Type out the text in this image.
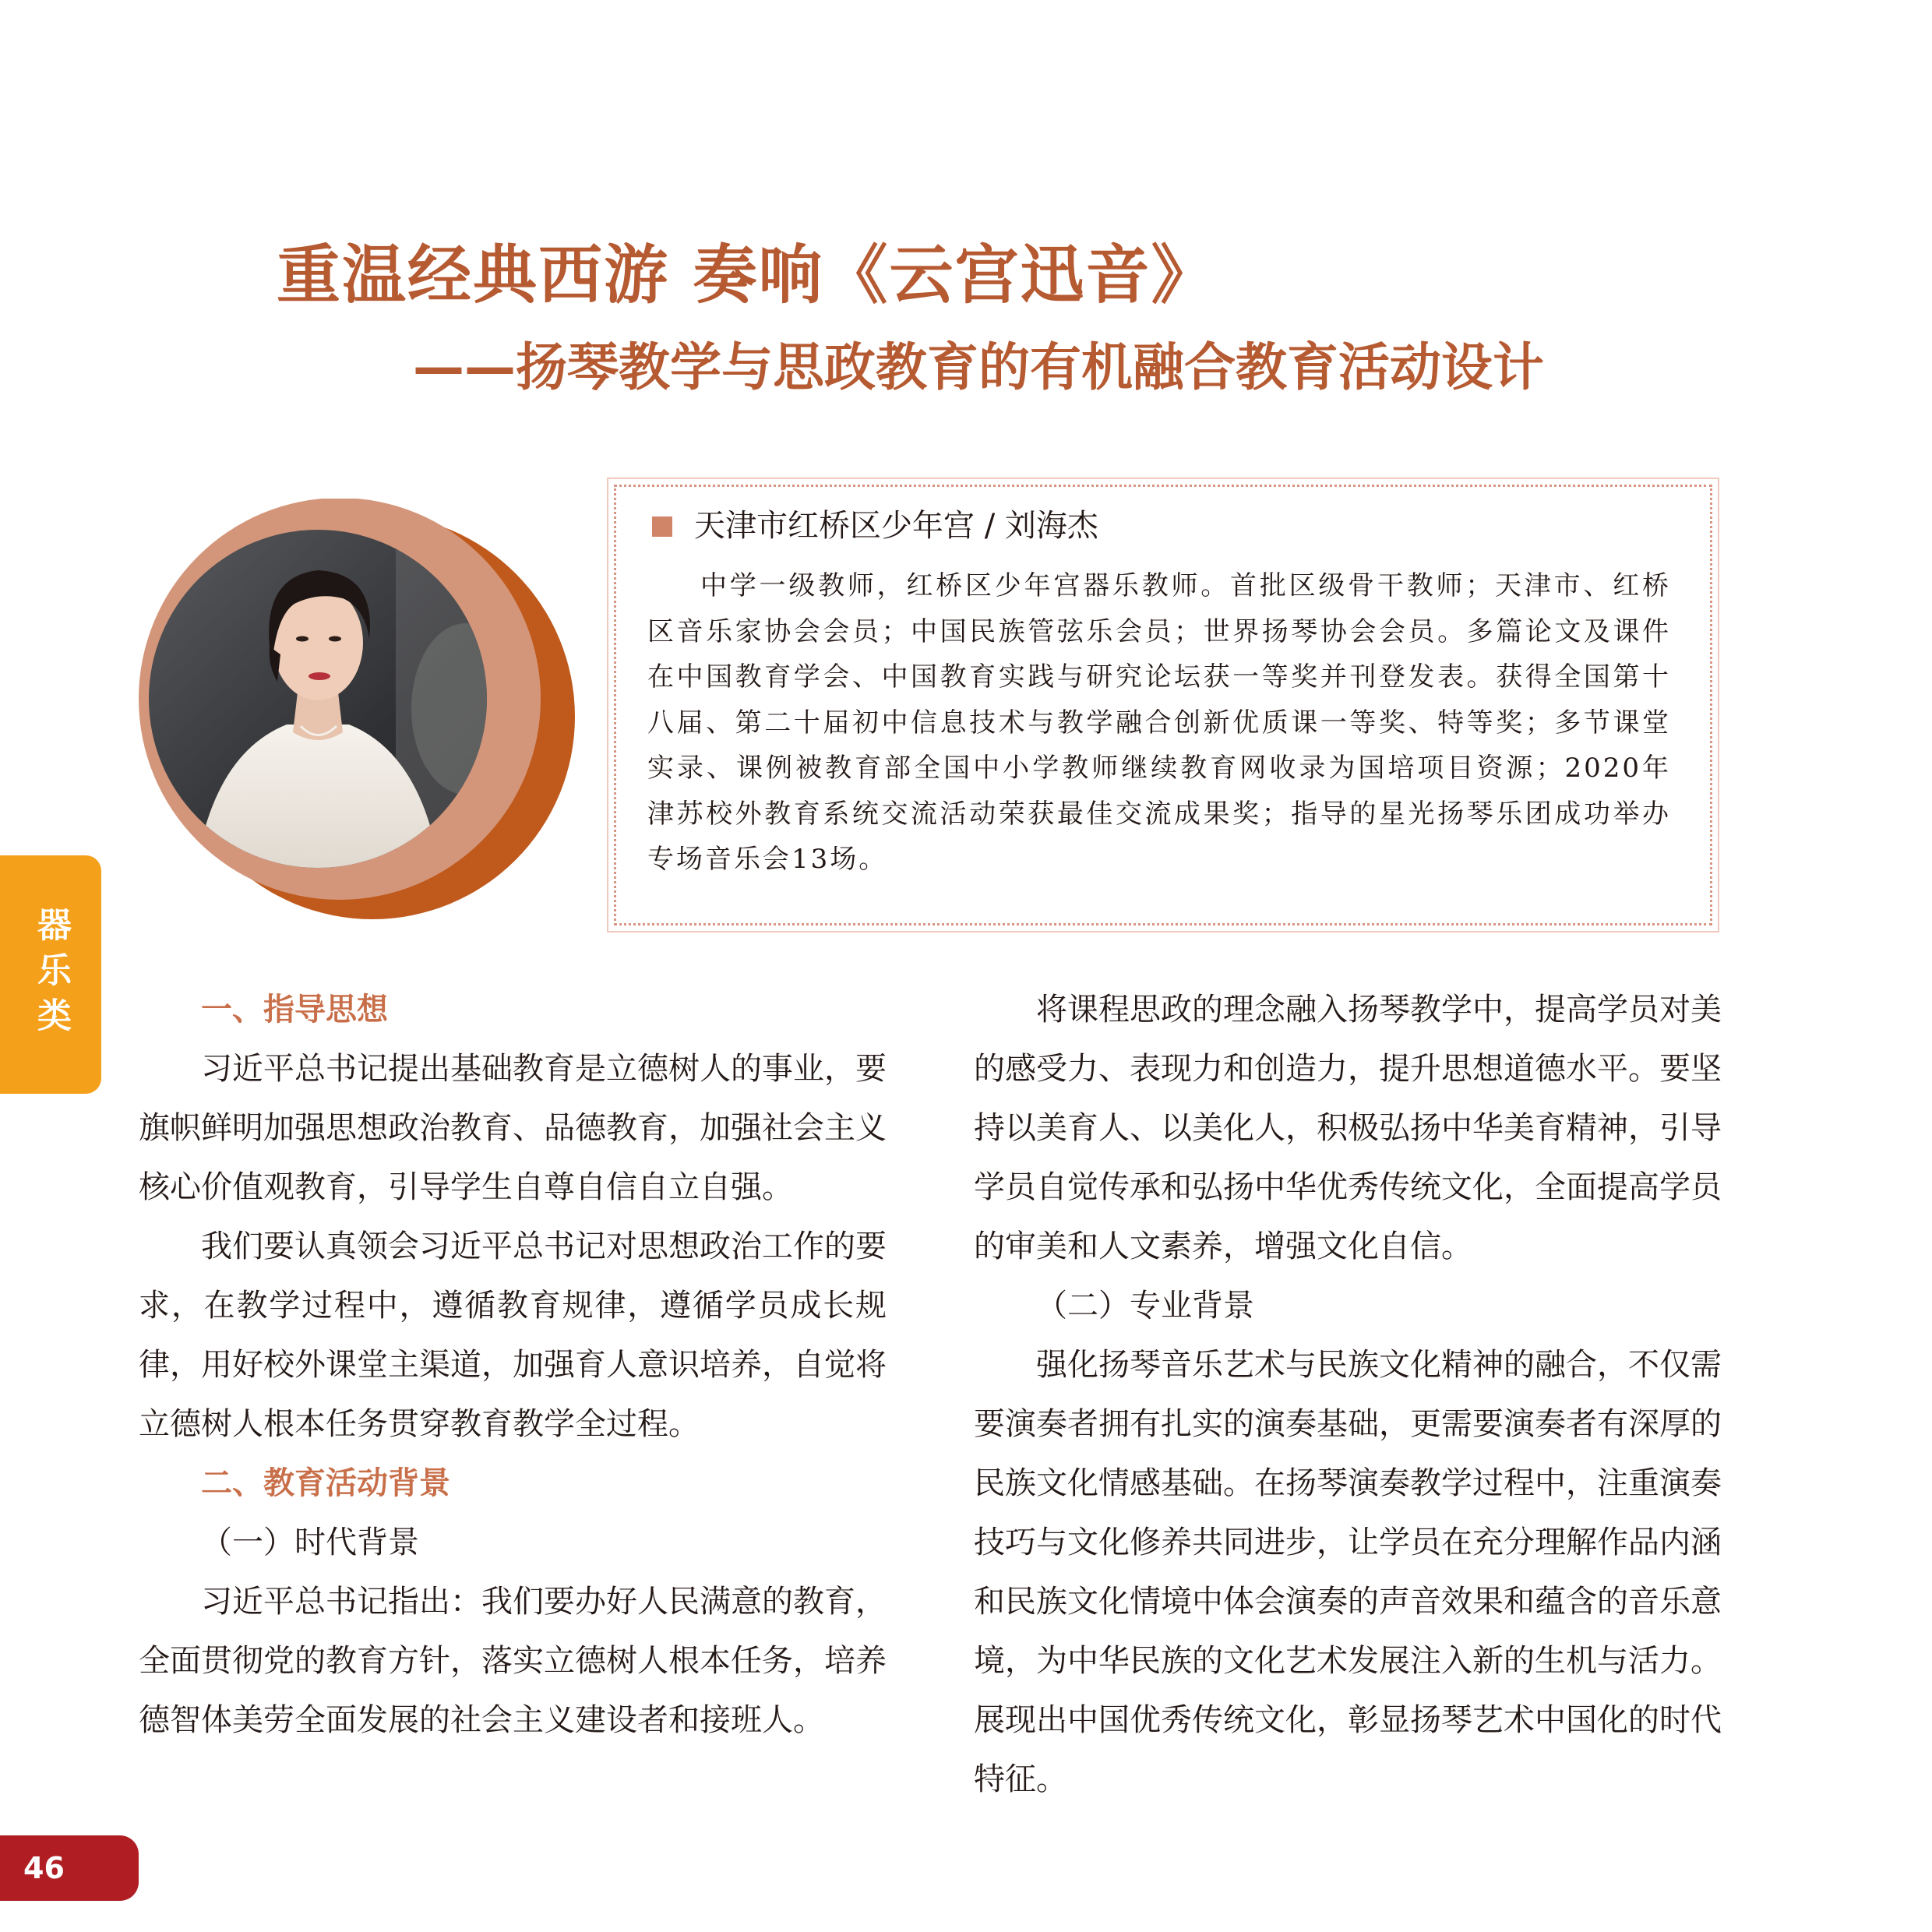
重温经典西游 奏响《云宫迅音》
——扬琴教学与思政教育的有机融合教育活动设计
天津市红桥区少年宫 / 刘海杰

中学一级教师，红桥区少年宫器乐教师。首批区级骨干教师；天津市、红桥区音乐家协会会员；中国民族管弦乐会员；世界扬琴协会会员。多篇论文及课件在中国教育学会、中国教育实践与研究论坛获一等奖并刊登发表。获得全国第十八届、第二十届初中信息技术与教学融合创新优质课一等奖、特等奖；多节课堂实录、课例被教育部全国中小学教师继续教育网收录为国培项目资源；2020年津苏校外教育系统交流活动荣获最佳交流成果奖；指导的星光扬琴乐团成功举办专场音乐会13场。

器乐类	一、指导思想

习近平总书记提出基础教育是立德树人的事业，要旗帜鲜明加强思想政治教育、品德教育，加强社会主义核心价值观教育，引导学生自尊自信自立自强。

我们要认真领会习近平总书记对思想政治工作的要求，在教学过程中，遵循教育规律，遵循学员成长规律，用好校外课堂主渠道，加强育人意识培养，自觉将立德树人根本任务贯穿教育教学全过程。

二、教育活动背景
（一）时代背景

习近平总书记指出：我们要办好人民满意的教育，全面贯彻党的教育方针，落实立德树人根本任务，培养德智体美劳全面发展的社会主义建设者和接班人。

将课程思政的理念融入扬琴教学中，提高学员对美的感受力、表现力和创造力，提升思想道德水平。要坚持以美育人、以美化人，积极弘扬中华美育精神，引导学员自觉传承和弘扬中华优秀传统文化，全面提高学员的审美和人文素养，增强文化自信。

（二）专业背景

强化扬琴音乐艺术与民族文化精神的融合，不仅需要演奏者拥有扎实的演奏基础，更需要演奏者有深厚的民族文化情感基础。在扬琴演奏教学过程中，注重演奏技巧与文化修养共同进步，让学员在充分理解作品内涵和民族文化情境中体会演奏的声音效果和蕴含的音乐意境，为中华民族的文化艺术发展注入新的生机与活力。展现出中国优秀传统文化，彰显扬琴艺术中国化的时代特征。

46
